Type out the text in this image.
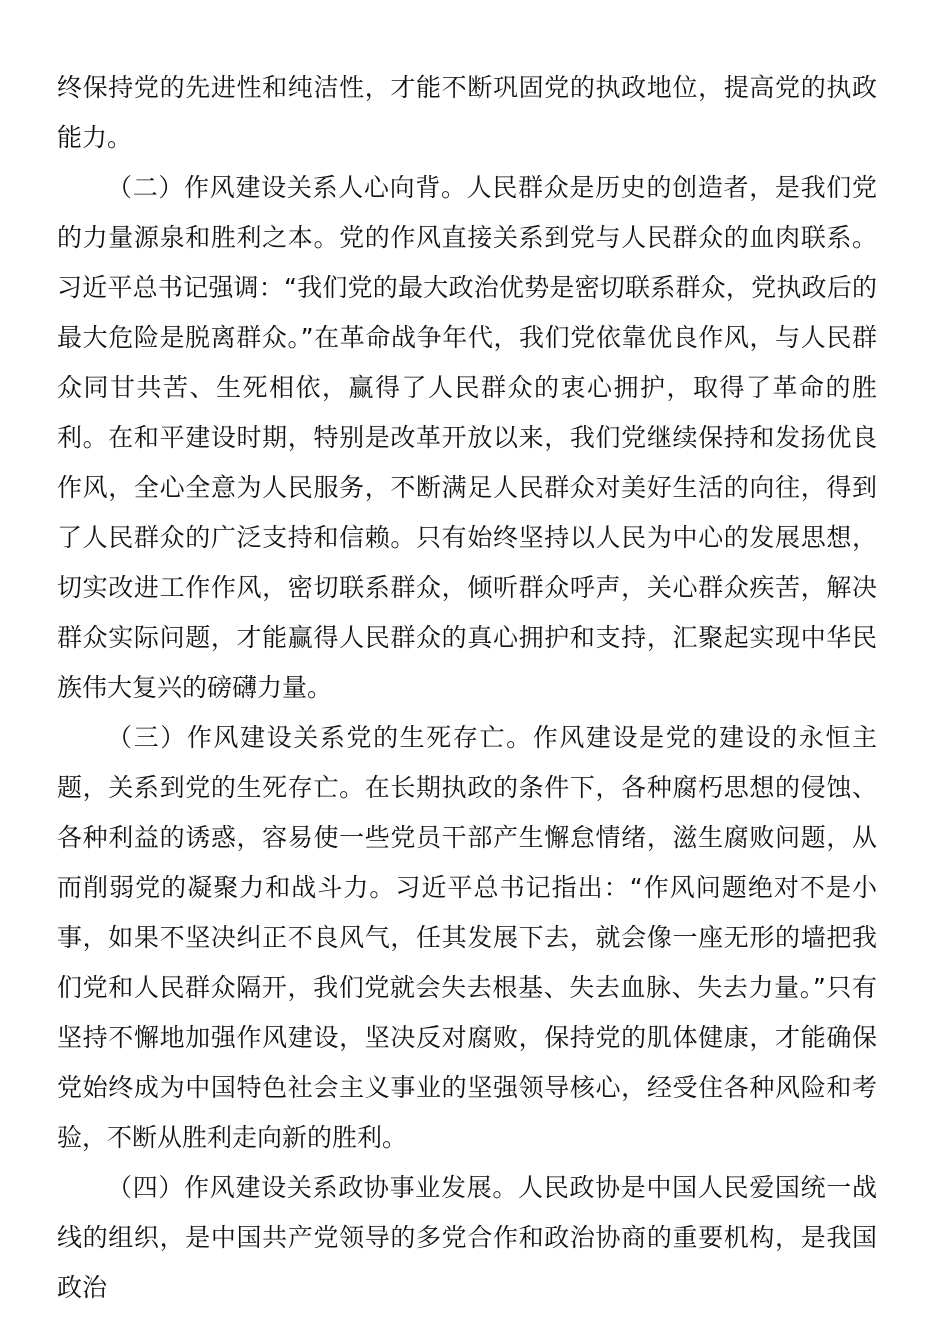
终保持党的先进性和纯洁性，才能不断巩固党的执政地位，提高党的执政能力。

（二）作风建设关系人心向背。人民群众是历史的创造者，是我们党的力量源泉和胜利之本。党的作风直接关系到党与人民群众的血肉联系。习近平总书记强调：“我们党的最大政治优势是密切联系群众，党执政后的最大危险是脱离群众。”在革命战争年代，我们党依靠优良作风，与人民群众同甘共苦、生死相依，赢得了人民群众的衷心拥护，取得了革命的胜利。在和平建设时期，特别是改革开放以来，我们党继续保持和发扬优良作风，全心全意为人民服务，不断满足人民群众对美好生活的向往，得到了人民群众的广泛支持和信赖。只有始终坚持以人民为中心的发展思想，切实改进工作作风，密切联系群众，倾听群众呼声，关心群众疾苦，解决群众实际问题，才能赢得人民群众的真心拥护和支持，汇聚起实现中华民族伟大复兴的磅礴力量。

（三）作风建设关系党的生死存亡。作风建设是党的建设的永恒主题，关系到党的生死存亡。在长期执政的条件下，各种腐朽思想的侵蚀、各种利益的诱惑，容易使一些党员干部产生懈怠情绪，滋生腐败问题，从而削弱党的凝聚力和战斗力。习近平总书记指出：“作风问题绝对不是小事，如果不坚决纠正不良风气，任其发展下去，就会像一座无形的墙把我们党和人民群众隔开，我们党就会失去根基、失去血脉、失去力量。”只有坚持不懈地加强作风建设，坚决反对腐败，保持党的肌体健康，才能确保党始终成为中国特色社会主义事业的坚强领导核心，经受住各种风险和考验，不断从胜利走向新的胜利。

（四）作风建设关系政协事业发展。人民政协是中国人民爱国统一战线的组织，是中国共产党领导的多党合作和政治协商的重要机构，是我国政治
